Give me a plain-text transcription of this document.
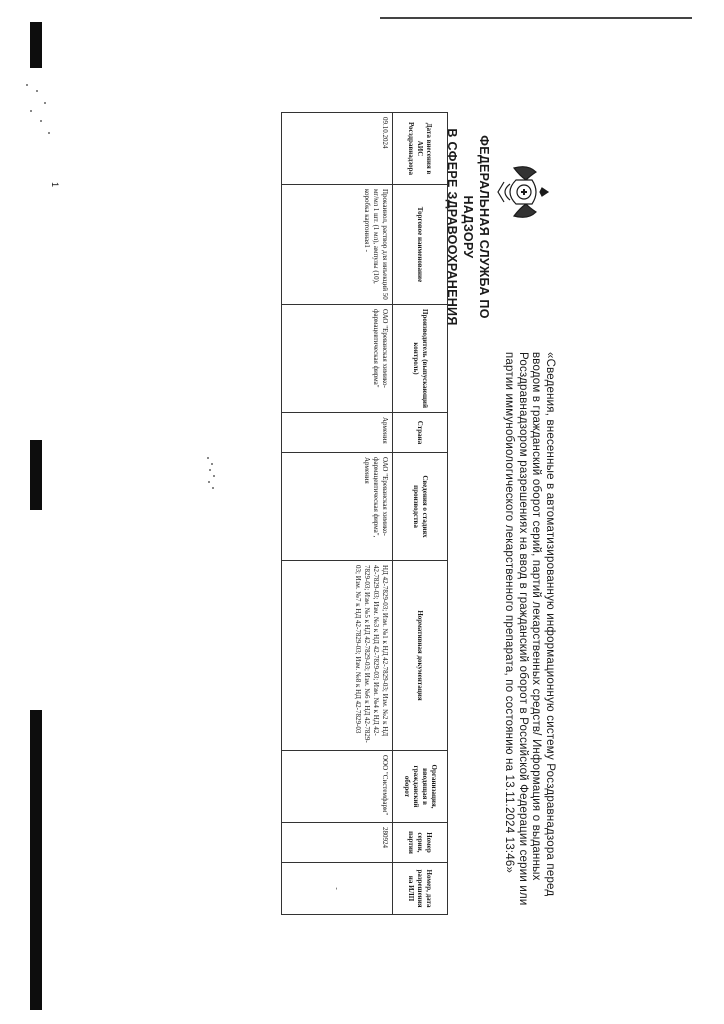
ФЕДЕРАЛЬНАЯ СЛУЖБА ПО НАДЗОРУ
В СФЕРЕ ЗДРАВООХРАНЕНИЯ
«Сведения, внесенные в автоматизированную информационную систему Росздравнадзора перед вводом в гражданский оборот серий, партий лекарственных средств/ Информация о выданных Росздравнадзором разрешениях на ввод в гражданский оборот в Российской Федерации серии или партии иммунобиологического лекарственного препарата, по состоянию на 13.11.2024 13:46»
Дата внесения в АИС Росздравнадзора	Торговое наименование	Производитель (выпускающий контроль)	Страна	Сведения о стадиях производства	Нормативная документация	Организация, вводящая в гражданский оборот	Номер серии, партии	Номер, дата разрешения на ИЛП
09.10.2024	Прокаинол, раствор для инъекций 50 мг/мл 1 шт. (1 мл), ампулы (10), коробка картонная1 -	ОАО "Ереванская химико-фармацевтическая фирма"	Армения	ОАО "Ереванская химико-фармацевтическая фирма", Армения	НД 42-7829-03; Изм. №1 к НД 42-7829-03; Изм. №2 к НД 42-7829-03; Изм. №3 к НД 42-7829-03; Изм. №4 к НД 42-7829-03; Изм. №5 к НД 42-7829-03; Изм. №6 к НД 42-7829-03; Изм. №7 к НД 42-7829-03; Изм. №8 к НД 42-7829-03	ООО "Системфарм"	280924	-
1
